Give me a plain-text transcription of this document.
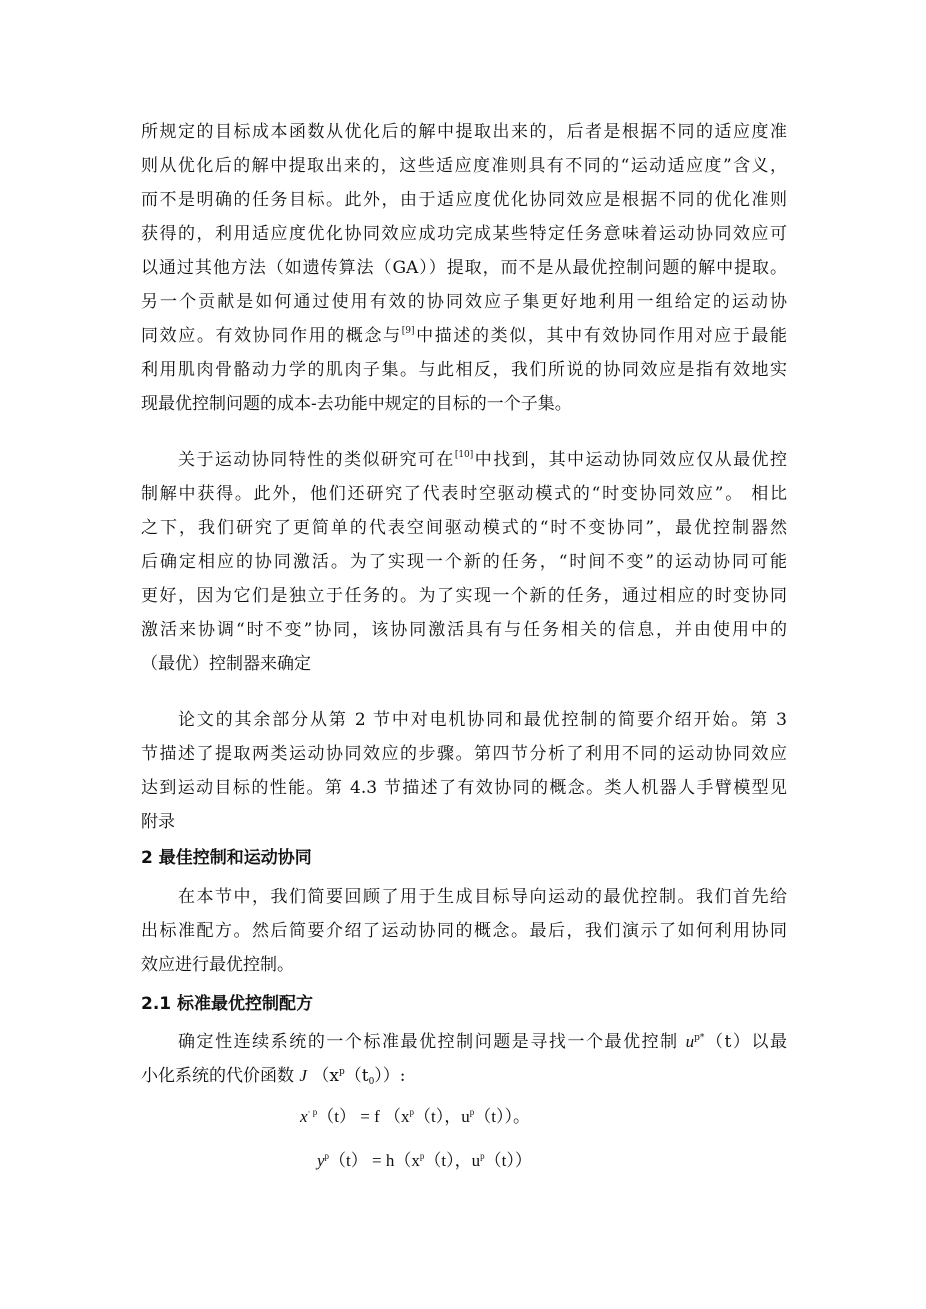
所规定的目标成本函数从优化后的解中提取出来的，后者是根据不同的适应度准
则从优化后的解中提取出来的，这些适应度准则具有不同的“运动适应度”含义，
而不是明确的任务目标。此外，由于适应度优化协同效应是根据不同的优化准则
获得的，利用适应度优化协同效应成功完成某些特定任务意味着运动协同效应可
以通过其他方法（如遗传算法（GA））提取，而不是从最优控制问题的解中提取。
另一个贡献是如何通过使用有效的协同效应子集更好地利用一组给定的运动协
同效应。有效协同作用的概念与[9]中描述的类似，其中有效协同作用对应于最能
利用肌肉骨骼动力学的肌肉子集。与此相反，我们所说的协同效应是指有效地实
现最优控制问题的成本-去功能中规定的目标的一个子集。
关于运动协同特性的类似研究可在[10]中找到，其中运动协同效应仅从最优控
制解中获得。此外，他们还研究了代表时空驱动模式的“时变协同效应”。 相比
之下，我们研究了更简单的代表空间驱动模式的“时不变协同”，最优控制器然
后确定相应的协同激活。为了实现一个新的任务，“时间不变”的运动协同可能
更好，因为它们是独立于任务的。为了实现一个新的任务，通过相应的时变协同
激活来协调“时不变”协同，该协同激活具有与任务相关的信息，并由使用中的
（最优）控制器来确定
论文的其余部分从第 2 节中对电机协同和最优控制的简要介绍开始。第 3
节描述了提取两类运动协同效应的步骤。第四节分析了利用不同的运动协同效应
达到运动目标的性能。第 4.3 节描述了有效协同的概念。类人机器人手臂模型见
附录
2 最佳控制和运动协同
在本节中，我们简要回顾了用于生成目标导向运动的最优控制。我们首先给
出标准配方。然后简要介绍了运动协同的概念。最后，我们演示了如何利用协同
效应进行最优控制。
2.1 标准最优控制配方
确定性连续系统的一个标准最优控制问题是寻找一个最优控制 $u^{p*}(t)$以最
小化系统的代价函数 J $(x^p(t_0))$:
$x^{\cdot p}(t) = f$ （$x^p(t)$，$u^p(t)$）。
$y^p(t) = h(x^p(t)$，$u^p(t)$）
